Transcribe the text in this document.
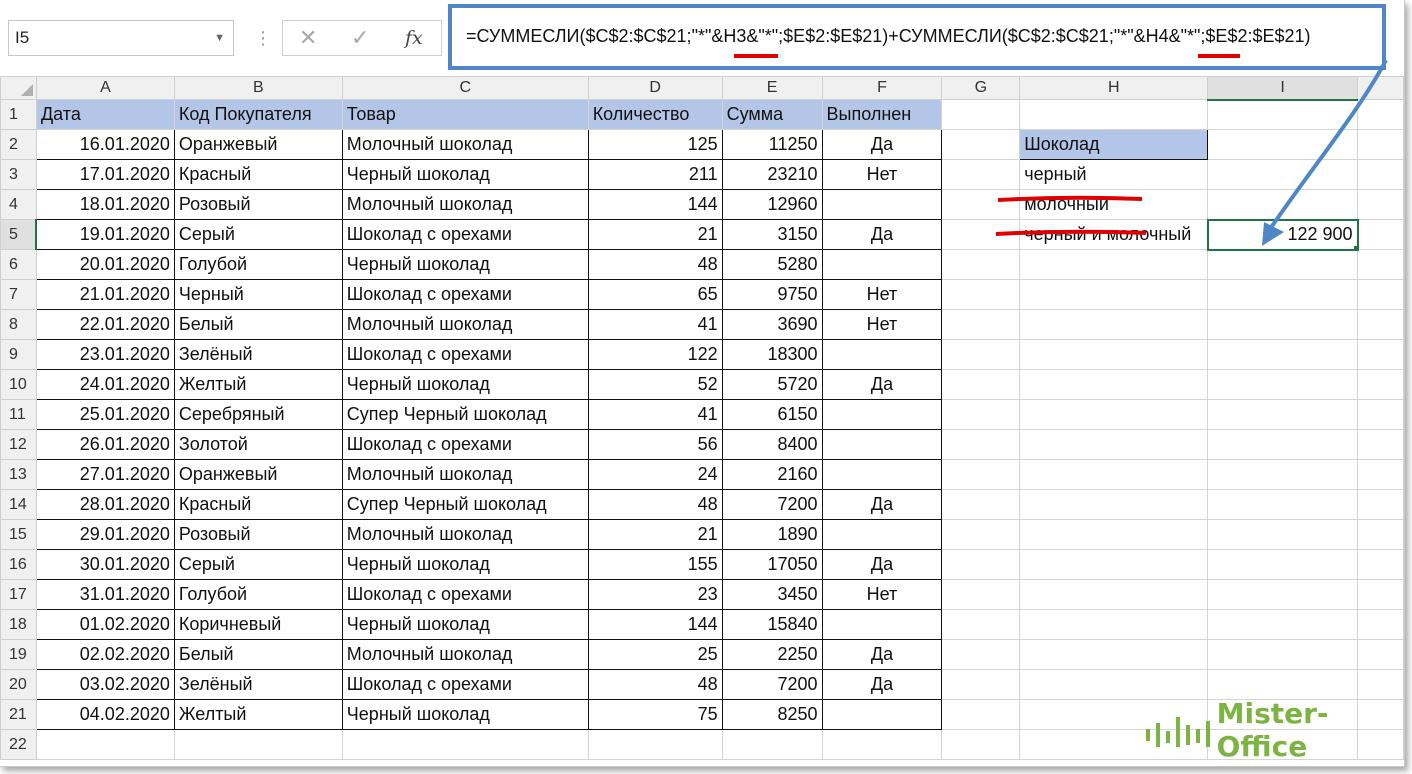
I5	▼ ⋮ ✕ ✓ fx =СУММЕСЛИ($C$2:$C$21;"*"&H3&"*";$E$2:$E$21)+СУММЕСЛИ($C$2:$C$21;"*"&H4&"*";$E$2:$E$21)
	A	B	C	D	E	F	G	H	I	
1	Дата	Код Покупателя	Товар	Количество	Сумма	Выполнен				
2	16.01.2020	Оранжевый	Молочный шоколад	125	11250	Да		Шоколад		
3	17.01.2020	Красный	Черный шоколад	211	23210	Нет		черный		
4	18.01.2020	Розовый	Молочный шоколад	144	12960			молочный		
5	19.01.2020	Серый	Шоколад с орехами	21	3150	Да		черный и молочный	122 900

6	20.01.2020	Голубой	Черный шоколад	48	5280					
7	21.01.2020	Черный	Шоколад с орехами	65	9750	Нет				
8	22.01.2020	Белый	Молочный шоколад	41	3690	Нет				
9	23.01.2020	Зелёный	Шоколад с орехами	122	18300					
10	24.01.2020	Желтый	Черный шоколад	52	5720	Да				
11	25.01.2020	Серебряный	Супер Черный шоколад	41	6150					
12	26.01.2020	Золотой	Шоколад с орехами	56	8400					
13	27.01.2020	Оранжевый	Молочный шоколад	24	2160					
14	28.01.2020	Красный	Супер Черный шоколад	48	7200	Да				
15	29.01.2020	Розовый	Молочный шоколад	21	1890					
16	30.01.2020	Серый	Черный шоколад	155	17050	Да				
17	31.01.2020	Голубой	Шоколад с орехами	23	3450	Нет				
18	01.02.2020	Коричневый	Черный шоколад	144	15840					
19	02.02.2020	Белый	Молочный шоколад	25	2250	Да				
20	03.02.2020	Зелёный	Шоколад с орехами	48	7200	Да				
21	04.02.2020	Желтый	Черный шоколад	75	8250					
22										
Mister-Office
